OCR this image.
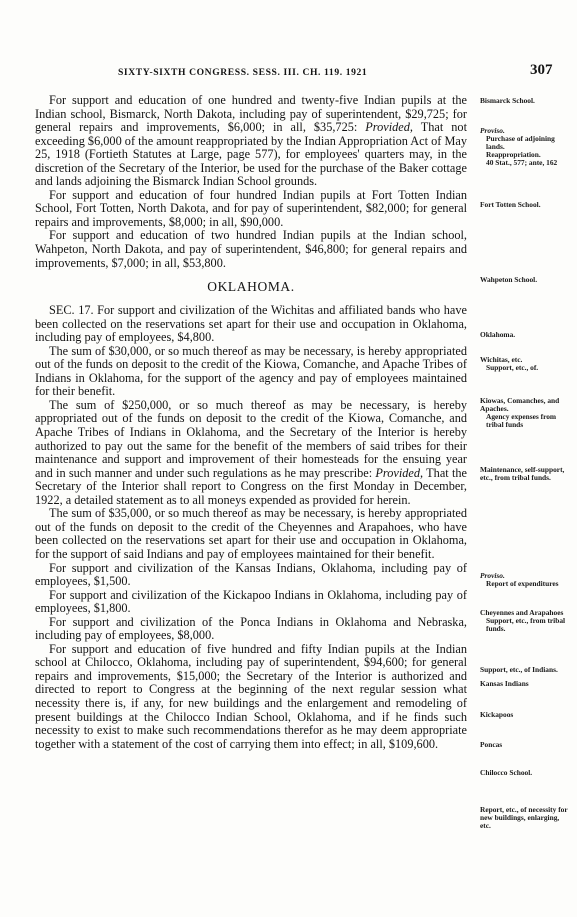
SIXTY-SIXTH CONGRESS. SESS. III. CH. 119. 1921	307

For support and education of one hundred and twenty-five Indian pupils at the Indian school, Bismarck, North Dakota, including pay of superintendent, $29,725; for general repairs and improvements, $6,000; in all, $35,725: Provided, That not exceeding $6,000 of the amount reappropriated by the Indian Appropriation Act of May 25, 1918 (Fortieth Statutes at Large, page 577), for employees' quarters may, in the discretion of the Secretary of the Interior, be used for the purchase of the Baker cottage and lands adjoining the Bismarck Indian School grounds.

For support and education of four hundred Indian pupils at Fort Totten Indian School, Fort Totten, North Dakota, and for pay of superintendent, $82,000; for general repairs and improvements, $8,000; in all, $90,000.

For support and education of two hundred Indian pupils at the Indian school, Wahpeton, North Dakota, and pay of superintendent, $46,800; for general repairs and improvements, $7,000; in all, $53,800.

OKLAHOMA.

SEC. 17. For support and civilization of the Wichitas and affiliated bands who have been collected on the reservations set apart for their use and occupation in Oklahoma, including pay of employees, $4,800.

The sum of $30,000, or so much thereof as may be necessary, is hereby appropriated out of the funds on deposit to the credit of the Kiowa, Comanche, and Apache Tribes of Indians in Oklahoma, for the support of the agency and pay of employees maintained for their benefit.

The sum of $250,000, or so much thereof as may be necessary, is hereby appropriated out of the funds on deposit to the credit of the Kiowa, Comanche, and Apache Tribes of Indians in Oklahoma, and the Secretary of the Interior is hereby authorized to pay out the same for the benefit of the members of said tribes for their maintenance and support and improvement of their homesteads for the ensuing year and in such manner and under such regulations as he may prescribe: Provided, That the Secretary of the Interior shall report to Congress on the first Monday in December, 1922, a detailed statement as to all moneys expended as provided for herein.

The sum of $35,000, or so much thereof as may be necessary, is hereby appropriated out of the funds on deposit to the credit of the Cheyennes and Arapahoes, who have been collected on the reservations set apart for their use and occupation in Oklahoma, for the support of said Indians and pay of employees maintained for their benefit.

For support and civilization of the Kansas Indians, Oklahoma, including pay of employees, $1,500.

For support and civilization of the Kickapoo Indians in Oklahoma, including pay of employees, $1,800.

For support and civilization of the Ponca Indians in Oklahoma and Nebraska, including pay of employees, $8,000.

For support and education of five hundred and fifty Indian pupils at the Indian school at Chilocco, Oklahoma, including pay of superintendent, $94,600; for general repairs and improvements, $15,000; the Secretary of the Interior is authorized and directed to report to Congress at the beginning of the next regular session what necessity there is, if any, for new buildings and the enlargement and remodeling of present buildings at the Chilocco Indian School, Oklahoma, and if he finds such necessity to exist to make such recommendations therefor as he may deem appropriate together with a statement of the cost of carrying them into effect; in all, $109,600.

Bismarck School.
Proviso.
Purchase of adjoining lands.
Reappropriation.
40 Stat., 577; ante, 162
Fort Totten School.
Wahpeton School.
Oklahoma.
Wichitas, etc.
Support, etc., of.
Kiowas, Comanches, and Apaches.
Agency expenses from tribal funds
Maintenance, self-support, etc., from tribal funds.
Proviso.
Report of expenditures
Cheyennes and Arapahoes
Support, etc., from tribal funds.
Support, etc., of Indians.
Kansas Indians
Kickapoos
Poncas
Chilocco School.
Report, etc., of necessity for new buildings, enlarging, etc.
